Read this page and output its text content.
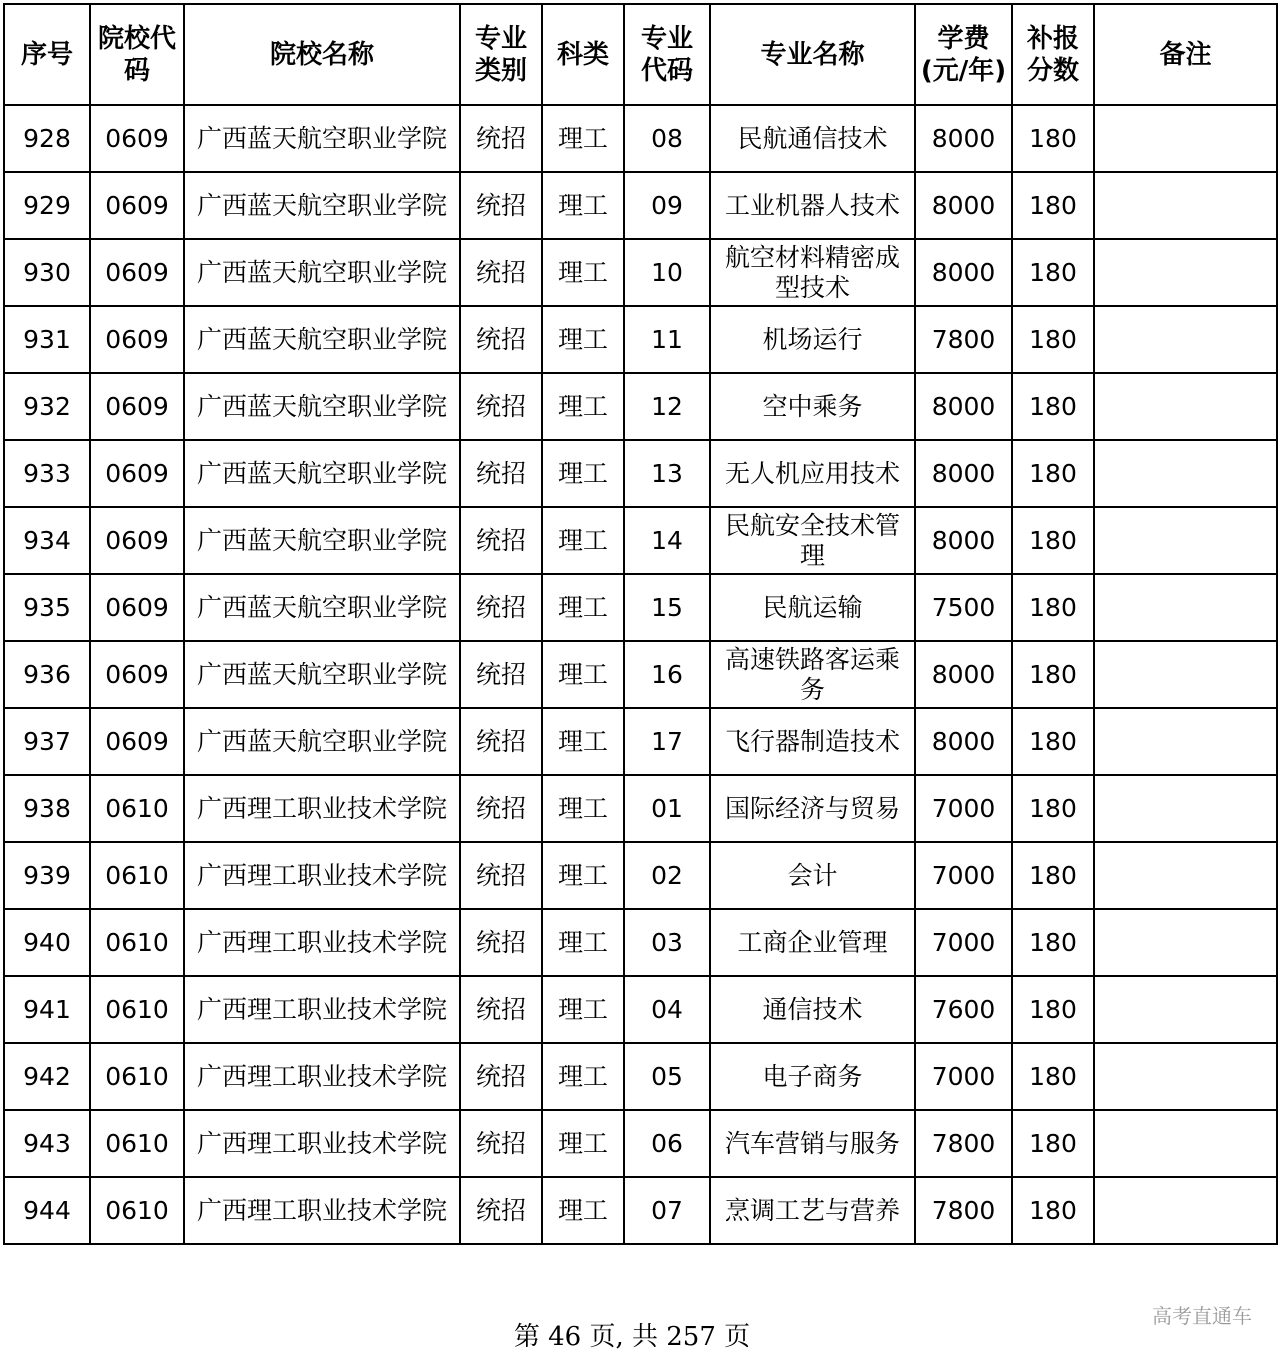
序号	院校代码	院校名称	专业类别	科类	专业代码	专业名称	学费(元/年)	补报分数	备注
928	0609	广西蓝天航空职业学院	统招	理工	08	民航通信技术	8000	180	
929	0609	广西蓝天航空职业学院	统招	理工	09	工业机器人技术	8000	180	
930	0609	广西蓝天航空职业学院	统招	理工	10	航空材料精密成型技术	8000	180	
931	0609	广西蓝天航空职业学院	统招	理工	11	机场运行	7800	180	
932	0609	广西蓝天航空职业学院	统招	理工	12	空中乘务	8000	180	
933	0609	广西蓝天航空职业学院	统招	理工	13	无人机应用技术	8000	180	
934	0609	广西蓝天航空职业学院	统招	理工	14	民航安全技术管理	8000	180	
935	0609	广西蓝天航空职业学院	统招	理工	15	民航运输	7500	180	
936	0609	广西蓝天航空职业学院	统招	理工	16	高速铁路客运乘务	8000	180	
937	0609	广西蓝天航空职业学院	统招	理工	17	飞行器制造技术	8000	180	
938	0610	广西理工职业技术学院	统招	理工	01	国际经济与贸易	7000	180	
939	0610	广西理工职业技术学院	统招	理工	02	会计	7000	180	
940	0610	广西理工职业技术学院	统招	理工	03	工商企业管理	7000	180	
941	0610	广西理工职业技术学院	统招	理工	04	通信技术	7600	180	
942	0610	广西理工职业技术学院	统招	理工	05	电子商务	7000	180	
943	0610	广西理工职业技术学院	统招	理工	06	汽车营销与服务	7800	180	
944	0610	广西理工职业技术学院	统招	理工	07	烹调工艺与营养	7800	180	
第 46 页, 共 257 页
高考直通车
